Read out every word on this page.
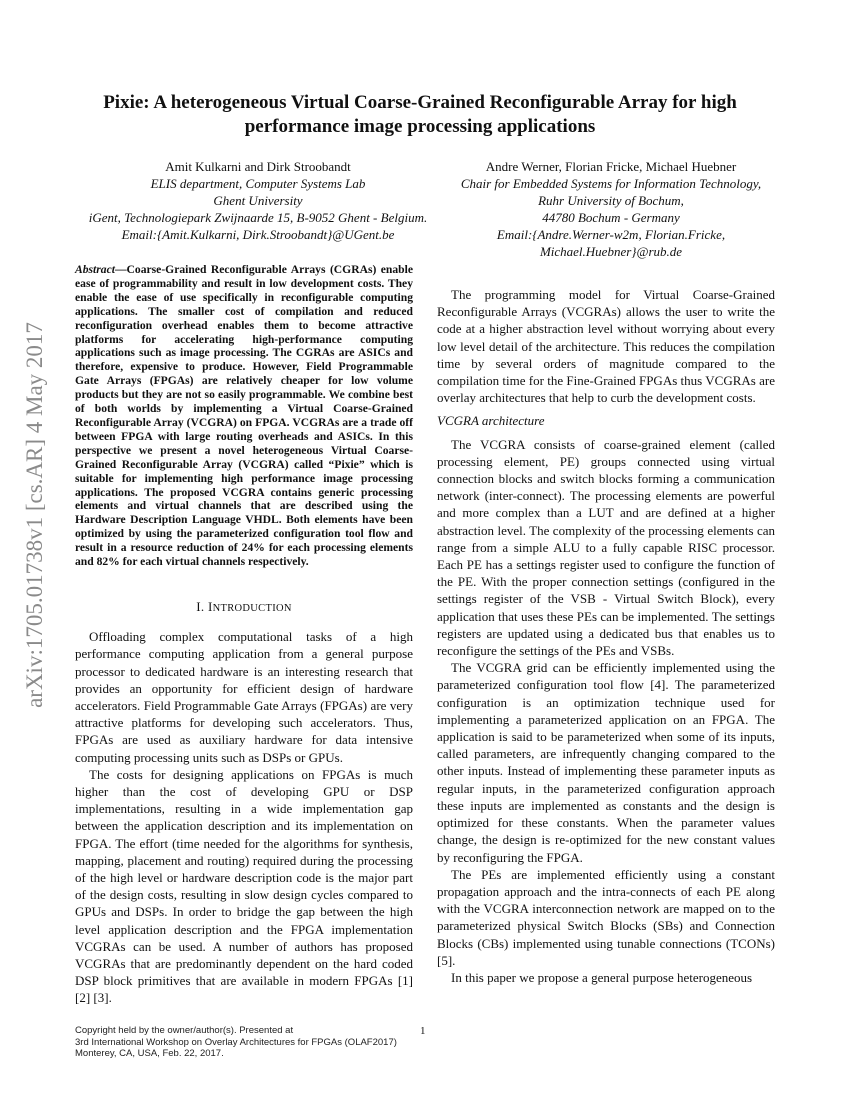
arXiv:1705.01738v1 [cs.AR] 4 May 2017
Pixie: A heterogeneous Virtual Coarse-Grained Reconfigurable Array for high
performance image processing applications
Amit Kulkarni and Dirk Stroobandt
ELIS department, Computer Systems Lab
Ghent University
iGent, Technologiepark Zwijnaarde 15, B-9052 Ghent - Belgium.
Email:{Amit.Kulkarni, Dirk.Stroobandt}@UGent.be
Andre Werner, Florian Fricke, Michael Huebner
Chair for Embedded Systems for Information Technology,
Ruhr University of Bochum,
44780 Bochum - Germany
Email:{Andre.Werner-w2m, Florian.Fricke,
Michael.Huebner}@rub.de
Abstract—Coarse-Grained Reconfigurable Arrays (CGRAs) enable ease of programmability and result in low development costs. They enable the ease of use specifically in reconfigurable computing applications. The smaller cost of compilation and reduced reconfiguration overhead enables them to become attractive platforms for accelerating high-performance computing applications such as image processing. The CGRAs are ASICs and therefore, expensive to produce. However, Field Programmable Gate Arrays (FPGAs) are relatively cheaper for low volume products but they are not so easily programmable. We combine best of both worlds by implementing a Virtual Coarse-Grained Reconfigurable Array (VCGRA) on FPGA. VCGRAs are a trade off between FPGA with large routing overheads and ASICs. In this perspective we present a novel heterogeneous Virtual Coarse-Grained Reconfigurable Array (VCGRA) called “Pixie” which is suitable for implementing high performance image processing applications. The proposed VCGRA contains generic processing elements and virtual channels that are described using the Hardware Description Language VHDL. Both elements have been optimized by using the parameterized configuration tool flow and result in a resource reduction of 24% for each processing elements and 82% for each virtual channels respectively.
I. INTRODUCTION

Offloading complex computational tasks of a high performance computing application from a general purpose processor to dedicated hardware is an interesting research that provides an opportunity for efficient design of hardware accelerators. Field Programmable Gate Arrays (FPGAs) are very attractive platforms for developing such accelerators. Thus, FPGAs are used as auxiliary hardware for data intensive computing processing units such as DSPs or GPUs.

The costs for designing applications on FPGAs is much higher than the cost of developing GPU or DSP implementations, resulting in a wide implementation gap between the application description and its implementation on FPGA. The effort (time needed for the algorithms for synthesis, mapping, placement and routing) required during the processing of the high level or hardware description code is the major part of the design costs, resulting in slow design cycles compared to GPUs and DSPs. In order to bridge the gap between the high level application description and the FPGA implementation VCGRAs can be used. A number of authors has proposed VCGRAs that are predominantly dependent on the hard coded DSP block primitives that are available in modern FPGAs [1] [2] [3].

The programming model for Virtual Coarse-Grained Reconfigurable Arrays (VCGRAs) allows the user to write the code at a higher abstraction level without worrying about every low level detail of the architecture. This reduces the compilation time by several orders of magnitude compared to the compilation time for the Fine-Grained FPGAs thus VCGRAs are overlay architectures that help to curb the development costs.

VCGRA architecture

The VCGRA consists of coarse-grained element (called processing element, PE) groups connected using virtual connection blocks and switch blocks forming a communication network (inter-connect). The processing elements are powerful and more complex than a LUT and are defined at a higher abstraction level. The complexity of the processing elements can range from a simple ALU to a fully capable RISC processor. Each PE has a settings register used to configure the function of the PE. With the proper connection settings (configured in the settings register of the VSB - Virtual Switch Block), every application that uses these PEs can be implemented. The settings registers are updated using a dedicated bus that enables us to reconfigure the settings of the PEs and VSBs.

The VCGRA grid can be efficiently implemented using the parameterized configuration tool flow [4]. The parameterized configuration is an optimization technique used for implementing a parameterized application on an FPGA. The application is said to be parameterized when some of its inputs, called parameters, are infrequently changing compared to the other inputs. Instead of implementing these parameter inputs as regular inputs, in the parameterized configuration approach these inputs are implemented as constants and the design is optimized for these constants. When the parameter values change, the design is re-optimized for the new constant values by reconfiguring the FPGA.

The PEs are implemented efficiently using a constant propagation approach and the intra-connects of each PE along with the VCGRA interconnection network are mapped on to the parameterized physical Switch Blocks (SBs) and Connection Blocks (CBs) implemented using tunable connections (TCONs) [5].

In this paper we propose a general purpose heterogeneous

Copyright held by the owner/author(s). Presented at
3rd International Workshop on Overlay Architectures for FPGAs (OLAF2017)
Monterey, CA, USA, Feb. 22, 2017.
1
